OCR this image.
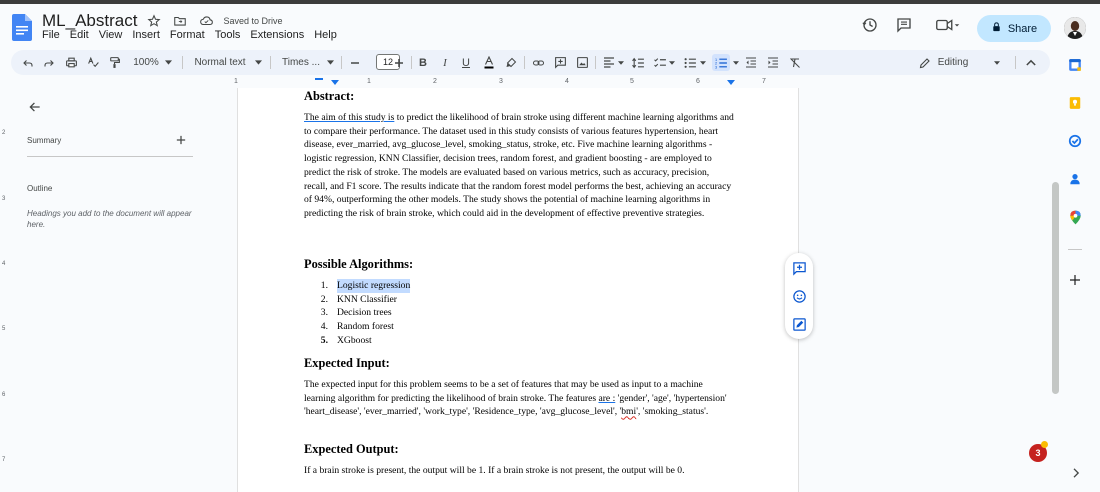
ML_Abstract	Saved to Drive
File Edit View Insert Format Tools Extensions Help
Share
100%	Normal text	Times ...	12	B	I	U	1
2
3	Editing
2
3
4
5
6
7
Summary
Outline
Headings you add to the document will appear here.
1	1	2	3	4	5	6	7
Abstract:
The aim of this study is to predict the likelihood of brain stroke using different machine learning algorithms and to compare their performance. The dataset used in this study consists of various features hypertension, heart disease, ever_married, avg_glucose_level, smoking_status, stroke, etc. Five machine learning algorithms - logistic regression, KNN Classifier, decision trees, random forest, and gradient boosting - are employed to predict the risk of stroke. The models are evaluated based on various metrics, such as accuracy, precision, recall, and F1 score. The results indicate that the random forest model performs the best, achieving an accuracy of 94%, outperforming the other models. The study shows the potential of machine learning algorithms in predicting the risk of brain stroke, which could aid in the development of effective preventive strategies.
Possible Algorithms:
1. Logistic regression
2. KNN Classifier
3. Decision trees
4. Random forest
5. XGboost
Expected Input:
The expected input for this problem seems to be a set of features that may be used as input to a machine learning algorithm for predicting the likelihood of brain stroke. The features are : 'gender', 'age', 'hypertension' 'heart_disease', 'ever_married', 'work_type', 'Residence_type, 'avg_glucose_level', 'bmi', 'smoking_status'.
Expected Output:
If a brain stroke is present, the output will be 1. If a brain stroke is not present, the output will be 0.
3
